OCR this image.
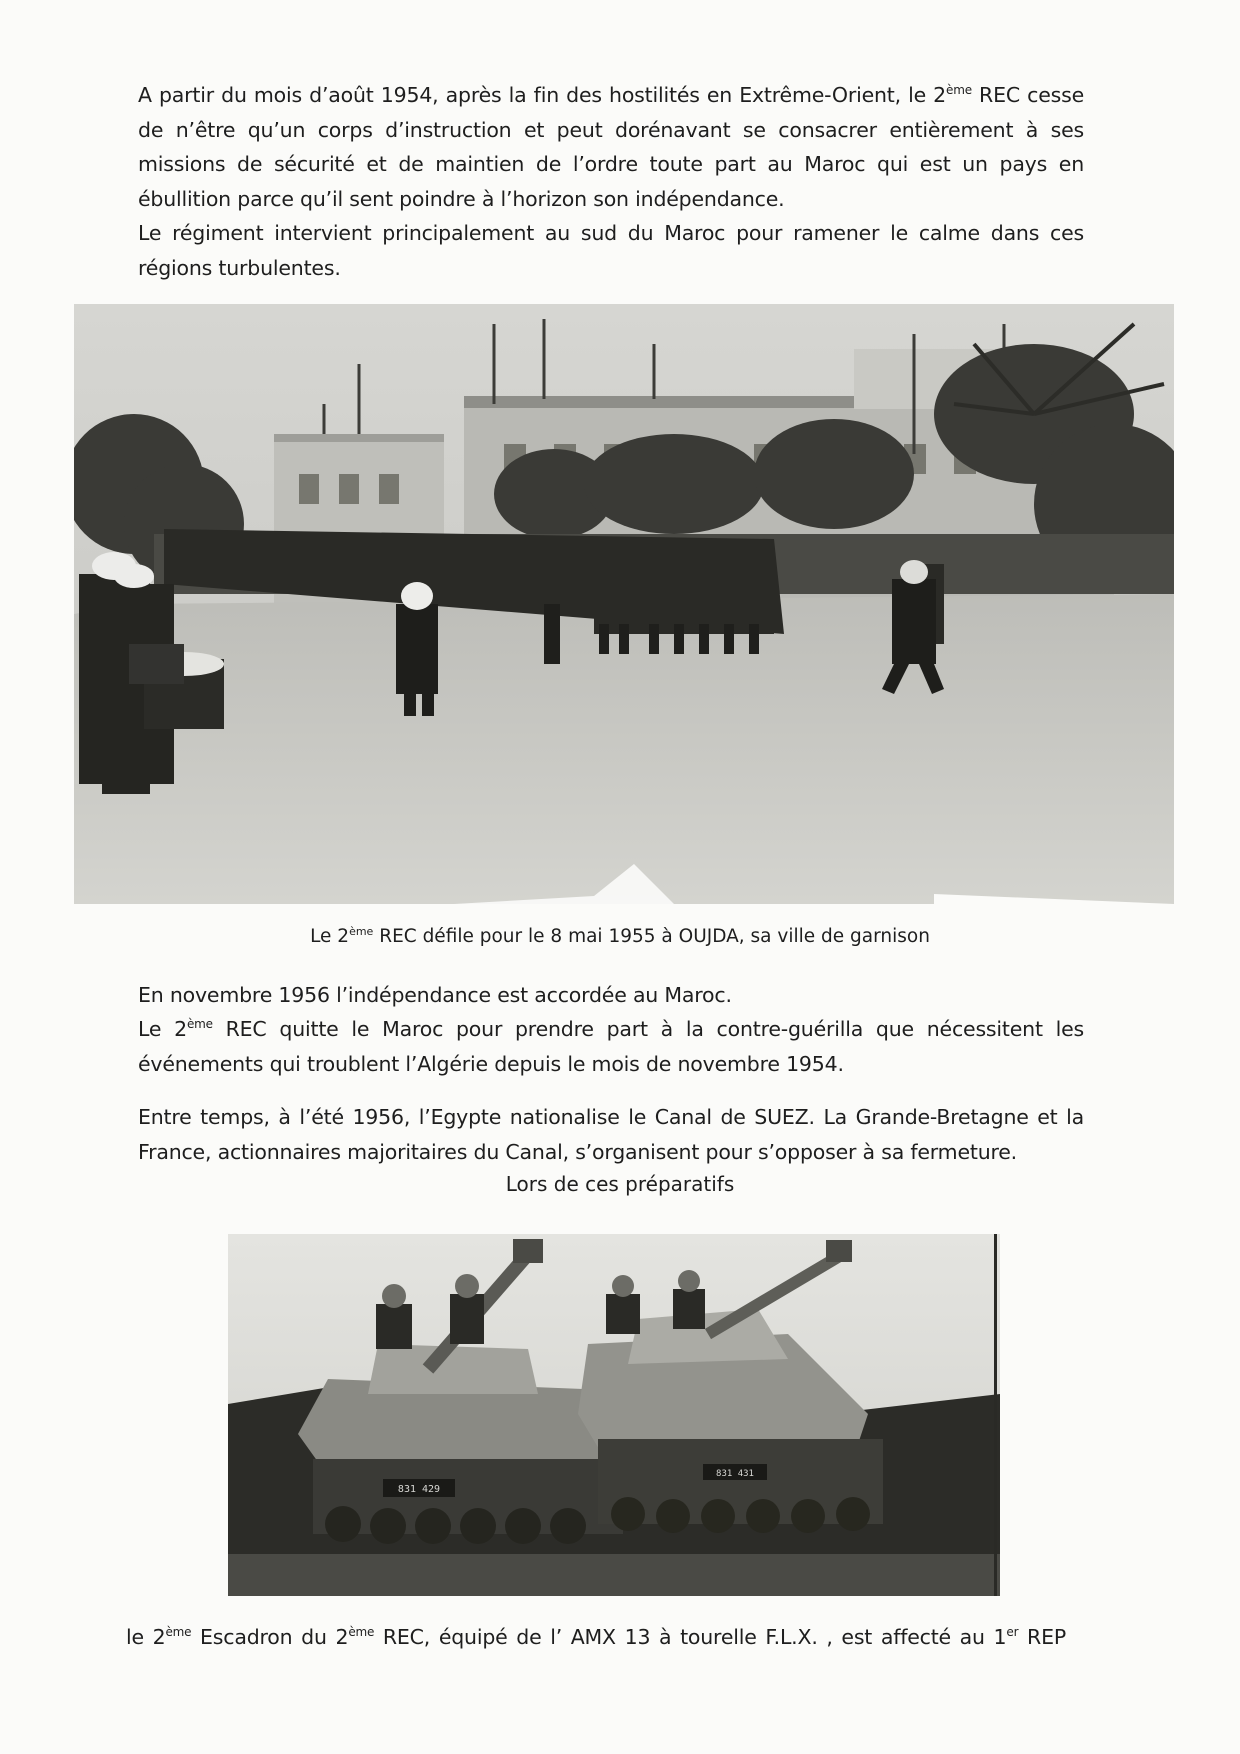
A partir du mois d’août 1954, après la fin des hostilités en Extrême-Orient, le 2ème REC cesse de n’être qu’un corps d’instruction et peut dorénavant se consacrer entièrement à ses missions de sécurité et de maintien de l’ordre toute part au Maroc qui est un pays en ébullition parce qu’il sent poindre à l’horizon son indépendance.

Le régiment intervient principalement au sud du Maroc pour ramener le calme dans ces régions turbulentes.

Le 2ème REC défile pour le 8 mai 1955 à OUJDA, sa ville de garnison

En novembre 1956 l’indépendance est accordée au Maroc.

Le 2ème REC quitte le Maroc pour prendre part à la contre-guérilla que nécessitent les événements qui troublent l’Algérie depuis le mois de novembre 1954.

Entre temps, à l’été 1956, l’Egypte nationalise le Canal de SUEZ. La Grande-Bretagne et la France, actionnaires majoritaires du Canal, s’organisent pour s’opposer à sa fermeture.

Lors de ces préparatifs

831 429
831 431

le 2ème Escadron du 2ème REC, équipé de l’ AMX 13 à tourelle F.L.X. , est affecté au 1er REP
